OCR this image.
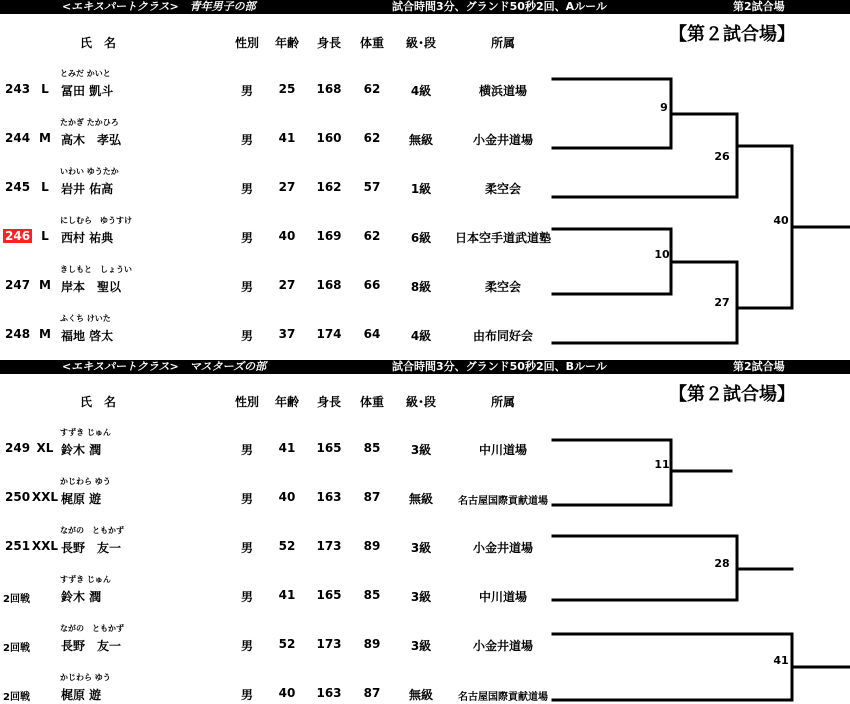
<エキスパートクラス>　青年男子の部	試合時間3分、グランド50秒2回、Aルール	第2試合場
【第２試合場】
氏　名	性別 年齢 身長 体重 級･段	所属
とみだ かいと
243 L 冨田 凱斗	男 25 168 62	4級	横浜道場
たかぎ たかひろ
244 M 高木　孝弘	男 41 160 62 無級	小金井道場
いわい ゆうたか
245 L 岩井 佑高	男 27 162 57	1級	柔空会
にしむら　ゆうすけ
246 L 西村 祐典	男 40 169 62	6級 日本空手道武道塾
きしもと　しょうい
247 M 岸本　聖以	男 27 168 66	8級	柔空会
ふくち けいた
248 M 福地 啓太	男 37 174 64	4級	由布同好会
<エキスパートクラス>　マスターズの部	試合時間3分、グランド50秒2回、Bルール	第2試合場
【第２試合場】
氏　名	性別 年齢 身長 体重 級･段	所属
すずき じゅん
249 XL 鈴木 潤	男 41 165 85	3級	中川道場
かじわら ゆう
250 XXL 梶原 遊	男 40 163 87 無級 名古屋国際貢献道場
ながの　ともかず
251 XXL 長野　友一	男 52 173 89	3級	小金井道場
すずき じゅん
2回戦	鈴木 潤	男 41 165 85	3級	中川道場
ながの　ともかず
2回戦	長野　友一	男 52 173 89	3級	小金井道場
かじわら ゆう
2回戦	梶原 遊	男 40 163 87 無級 名古屋国際貢献道場
9
26
10
27
40
11
28
41
